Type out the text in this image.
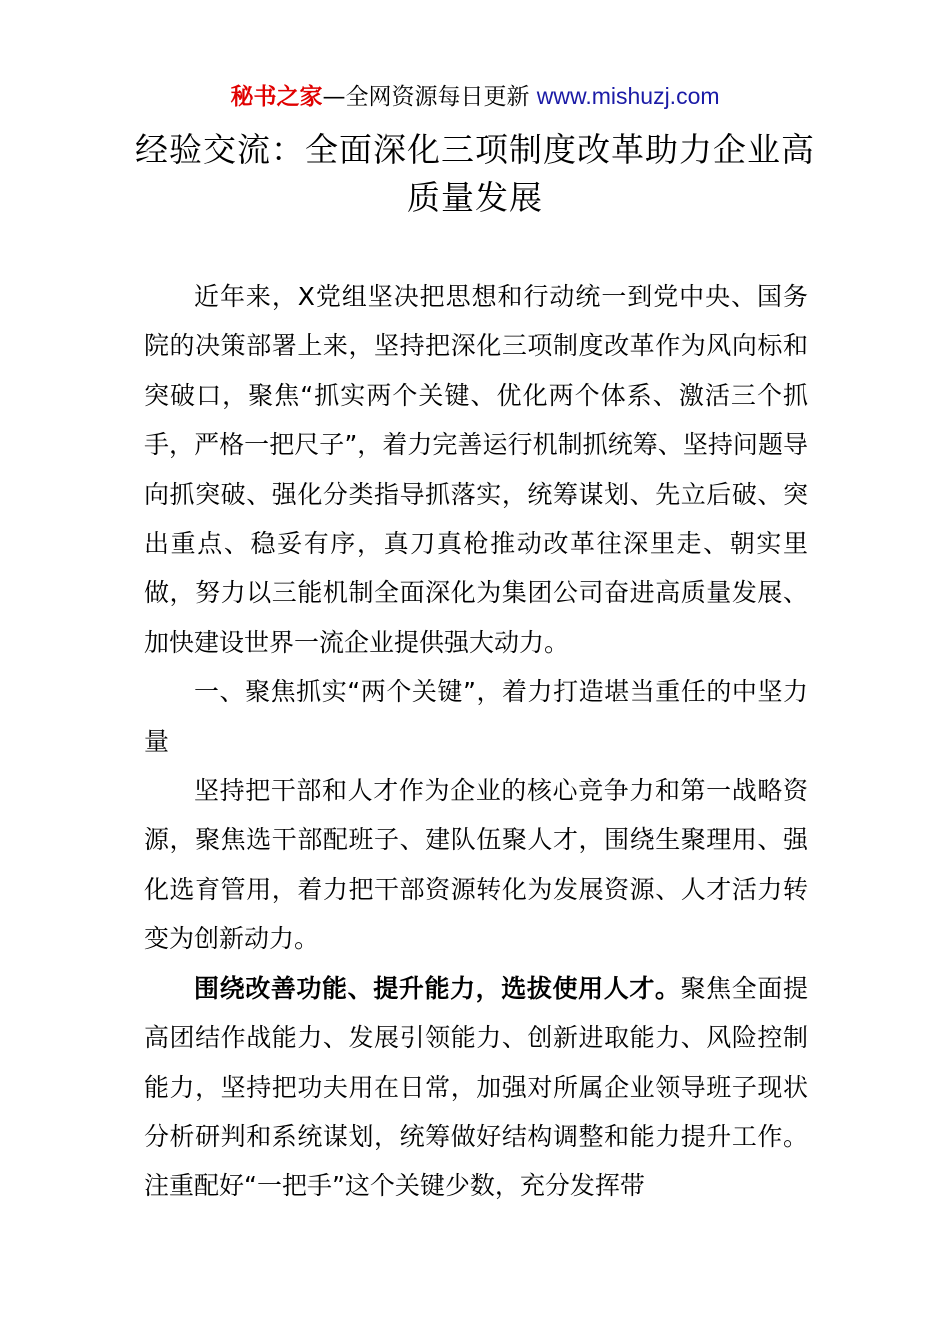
秘书之家—全网资源每日更新 www.mishuzj.com
经验交流：全面深化三项制度改革助力企业高质量发展

近年来，X党组坚决把思想和行动统一到党中央、国务院的决策部署上来，坚持把深化三项制度改革作为风向标和突破口，聚焦“抓实两个关键、优化两个体系、激活三个抓手，严格一把尺子”，着力完善运行机制抓统筹、坚持问题导向抓突破、强化分类指导抓落实，统筹谋划、先立后破、突出重点、稳妥有序，真刀真枪推动改革往深里走、朝实里做，努力以三能机制全面深化为集团公司奋进高质量发展、加快建设世界一流企业提供强大动力。

一、聚焦抓实“两个关键”，着力打造堪当重任的中坚力量

坚持把干部和人才作为企业的核心竞争力和第一战略资源，聚焦选干部配班子、建队伍聚人才，围绕生聚理用、强化选育管用，着力把干部资源转化为发展资源、人才活力转变为创新动力。

围绕改善功能、提升能力，选拔使用人才。聚焦全面提高团结作战能力、发展引领能力、创新进取能力、风险控制能力，坚持把功夫用在日常，加强对所属企业领导班子现状分析研判和系统谋划，统筹做好结构调整和能力提升工作。注重配好“一把手”这个关键少数，充分发挥带
